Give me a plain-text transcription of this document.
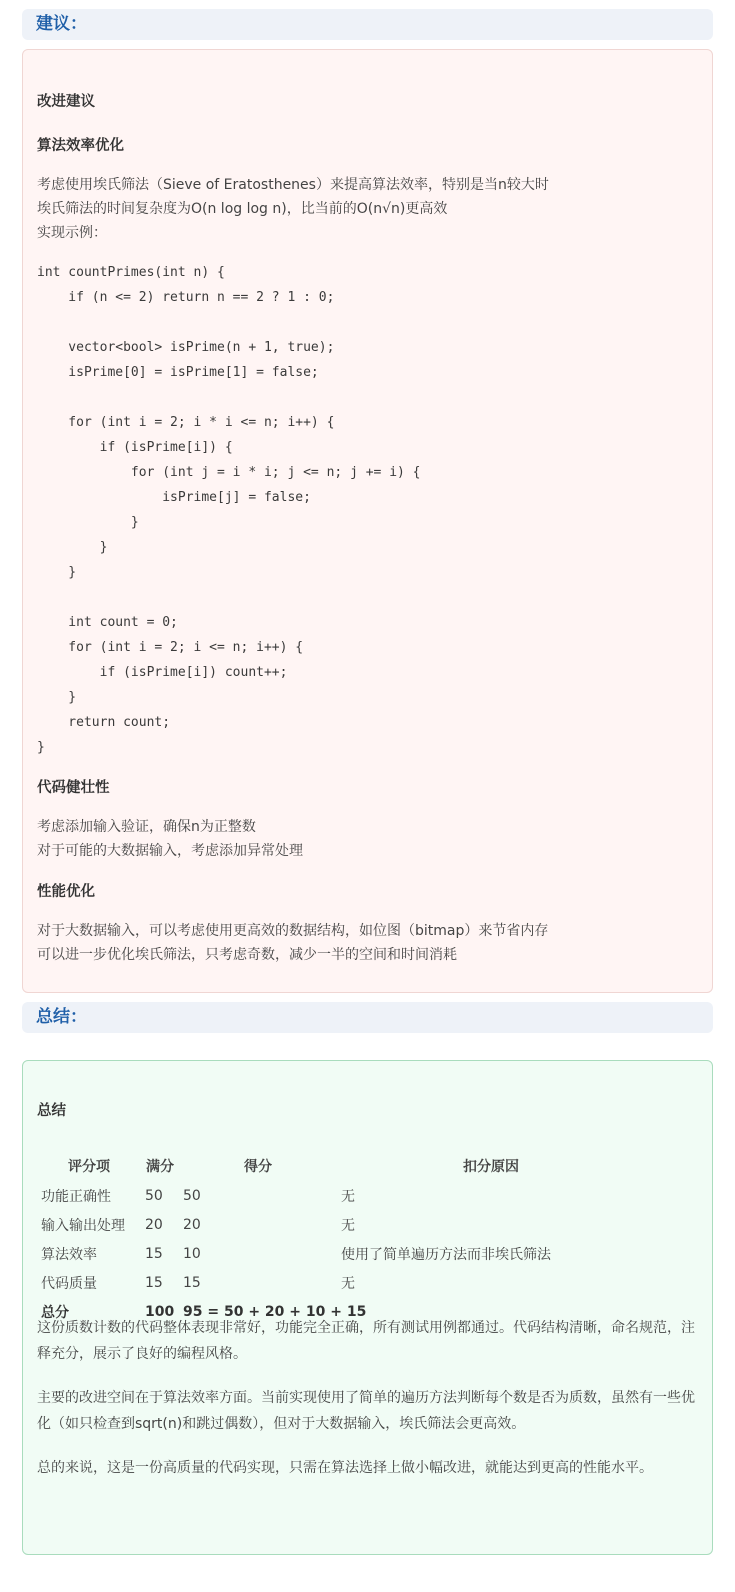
建议：
改进建议
算法效率优化
考虑使用埃氏筛法（Sieve of Eratosthenes）来提高算法效率，特别是当n较大时
埃氏筛法的时间复杂度为O(n log log n)，比当前的O(n√n)更高效
实现示例：
int countPrimes(int n) {
if (n <= 2) return n == 2 ? 1 : 0;

vector<bool> isPrime(n + 1, true);
isPrime[0] = isPrime[1] = false;

for (int i = 2; i * i <= n; i++) {
if (isPrime[i]) {
for (int j = i * i; j <= n; j += i) {
isPrime[j] = false;
}
}
}

int count = 0;
for (int i = 2; i <= n; i++) {
if (isPrime[i]) count++;
}
return count;
}
代码健壮性
考虑添加输入验证，确保n为正整数
对于可能的大数据输入，考虑添加异常处理
性能优化
对于大数据输入，可以考虑使用更高效的数据结构，如位图（bitmap）来节省内存
可以进一步优化埃氏筛法，只考虑奇数，减少一半的空间和时间消耗
总结：
总结
评分项	满分	得分	扣分原因
功能正确性	50	50	无
输入输出处理	20	20	无
算法效率	15	10	使用了简单遍历方法而非埃氏筛法
代码质量	15	15	无
总分	100	95 = 50 + 20 + 10 + 15	
这份质数计数的代码整体表现非常好，功能完全正确，所有测试用例都通过。代码结构清晰，命名规范，注释充分，展示了良好的编程风格。
主要的改进空间在于算法效率方面。当前实现使用了简单的遍历方法判断每个数是否为质数，虽然有一些优化（如只检查到sqrt(n)和跳过偶数），但对于大数据输入，埃氏筛法会更高效。
总的来说，这是一份高质量的代码实现，只需在算法选择上做小幅改进，就能达到更高的性能水平。
